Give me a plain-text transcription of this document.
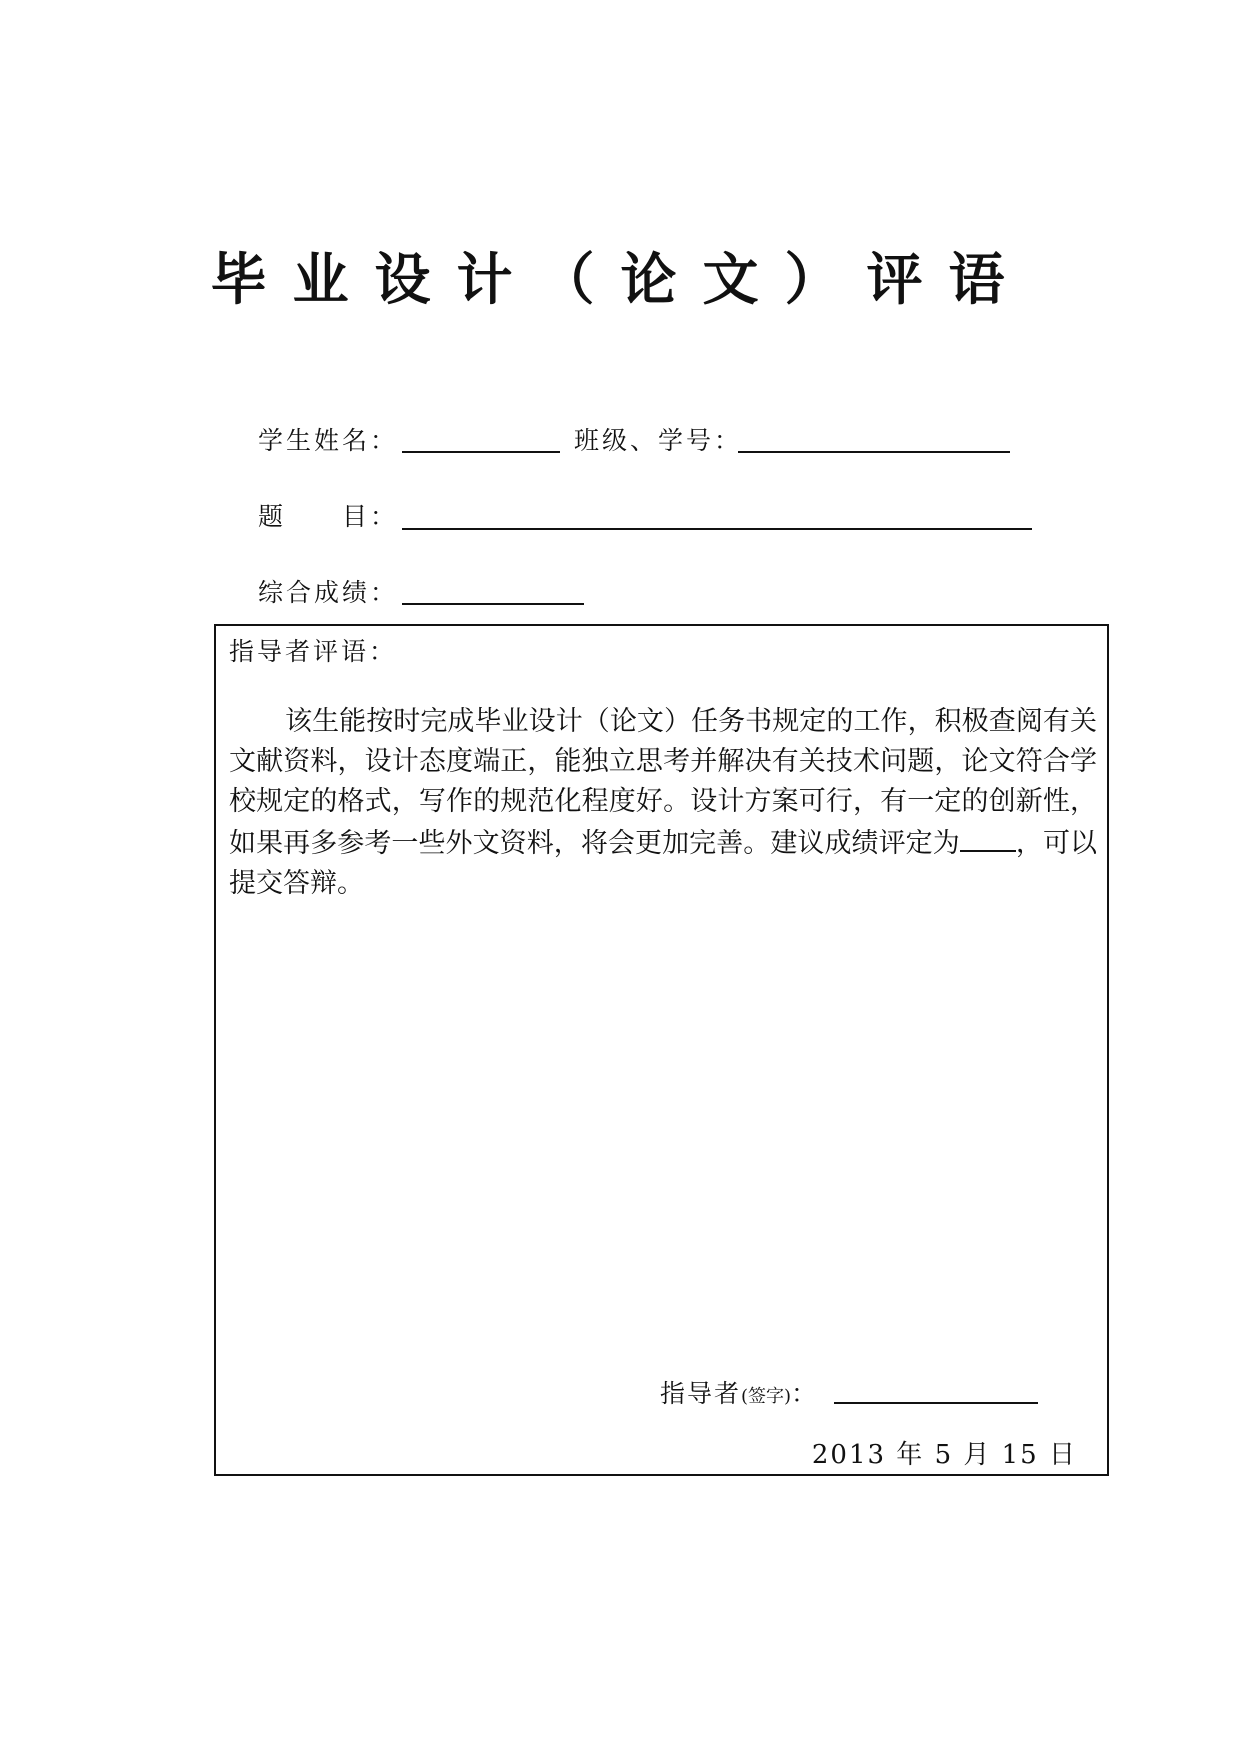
毕业设计（论文）评语
学生姓名：	班级、学号：
题　　目：
综合成绩：
指导者评语：
该生能按时完成毕业设计（论文）任务书规定的工作，积极查阅有关文献资料，设计态度端正，能独立思考并解决有关技术问题，论文符合学校规定的格式，写作的规范化程度好。设计方案可行，有一定的创新性，如果再多参考一些外文资料，将会更加完善。建议成绩评定为 ，可以提交答辩。
指导者(签字)：
2013 年 5 月 15 日
